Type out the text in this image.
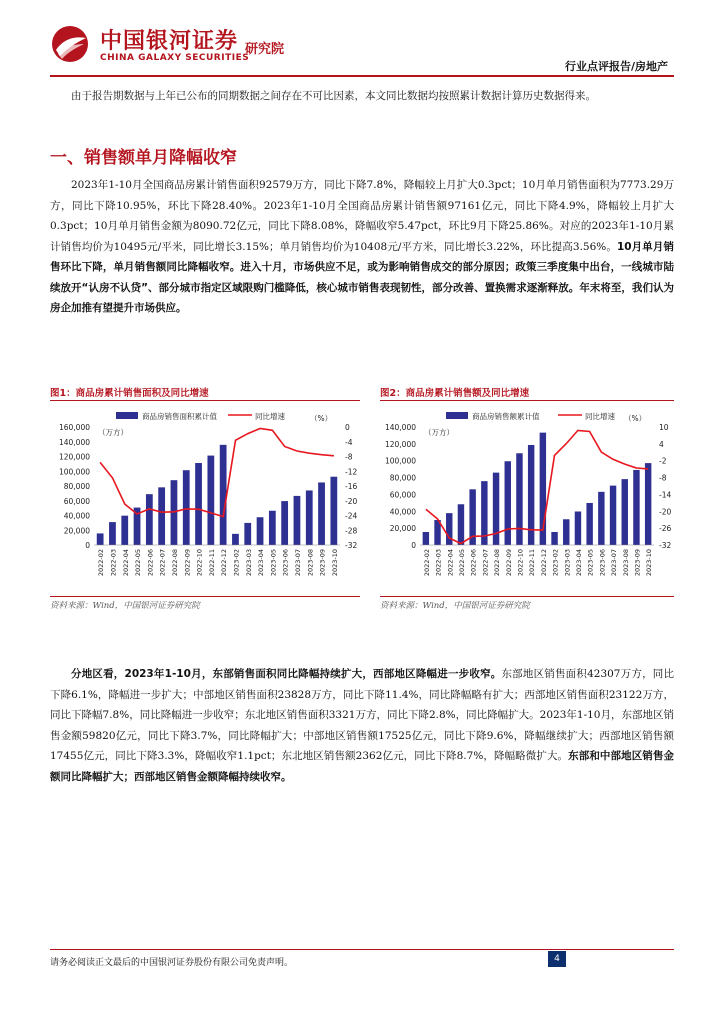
中国银河证券
CHINA GALAXY SECURITIES
研究院
行业点评报告/房地产

由于报告期数据与上年已公布的同期数据之间存在不可比因素，本文同比数据均按照累计数据计算历史数据得来。

一、销售额单月降幅收窄

2023年1-10月全国商品房累计销售面积92579万方，同比下降7.8%，降幅较上月扩大0.3pct；10月单月销售面积为7773.29万方，同比下降10.95%，环比下降28.40%。2023年1-10月全国商品房累计销售额97161亿元，同比下降4.9%，降幅较上月扩大0.3pct；10月单月销售金额为8090.72亿元，同比下降8.08%，降幅收窄5.47pct，环比9月下降25.86%。对应的2023年1-10月累计销售均价为10495元/平米，同比增长3.15%；单月销售均价为10408元/平方米，同比增长3.22%，环比提高3.56%。10月单月销售环比下降，单月销售额同比降幅收窄。进入十月，市场供应不足，或为影响销售成交的部分原因；政策三季度集中出台，一线城市陆续放开“认房不认贷”、部分城市指定区域限购门槛降低，核心城市销售表现韧性，部分改善、置换需求逐渐释放。年末将至，我们认为房企加推有望提升市场供应。

图1：商品房累计销售面积及同比增速
0
20,000
40,000
60,000
80,000
100,000
120,000
140,000
160,000	0
-4
-8
-12
-16
-20
-24
-28
-32
（万方）
（%）
商品房销售面积累计值	同比增速
2022-02 2022-03 2022-04 2022-05 2022-06 2022-07 2022-08 2022-09 2022-10 2022-11 2022-12 2023-02 2023-03 2023-04 2023-05 2023-06 2023-07 2023-08 2023-09 2023-10
资料来源：Wind，中国银河证券研究院
图2：商品房累计销售额及同比增速
0
20,000
40,000
60,000
80,000
100,000
120,000
140,000	10
4
-2
-8
-14
-20
-26
-32
（万方）
（%）
商品房销售额累计值	同比增速
2022-02 2022-03 2022-04 2022-05 2022-06 2022-07 2022-08 2022-09 2022-10 2022-11 2022-12 2023-02 2023-03 2023-04 2023-05 2023-06 2023-07 2023-08 2023-09 2023-10
资料来源：Wind，中国银河证券研究院

分地区看，2023年1-10月，东部销售面积同比降幅持续扩大，西部地区降幅进一步收窄。东部地区销售面积42307万方，同比下降6.1%，降幅进一步扩大；中部地区销售面积23828万方，同比下降11.4%，同比降幅略有扩大；西部地区销售面积23122万方，同比下降幅7.8%，同比降幅进一步收窄；东北地区销售面积3321万方，同比下降2.8%，同比降幅扩大。2023年1-10月，东部地区销售金额59820亿元，同比下降3.7%，同比降幅扩大；中部地区销售额17525亿元，同比下降9.6%，降幅继续扩大；西部地区销售额17455亿元，同比下降3.3%，降幅收窄1.1pct；东北地区销售额2362亿元，同比下降8.7%，降幅略微扩大。东部和中部地区销售金额同比降幅扩大；西部地区销售金额降幅持续收窄。

请务必阅读正文最后的中国银河证券股份有限公司免责声明。	4
